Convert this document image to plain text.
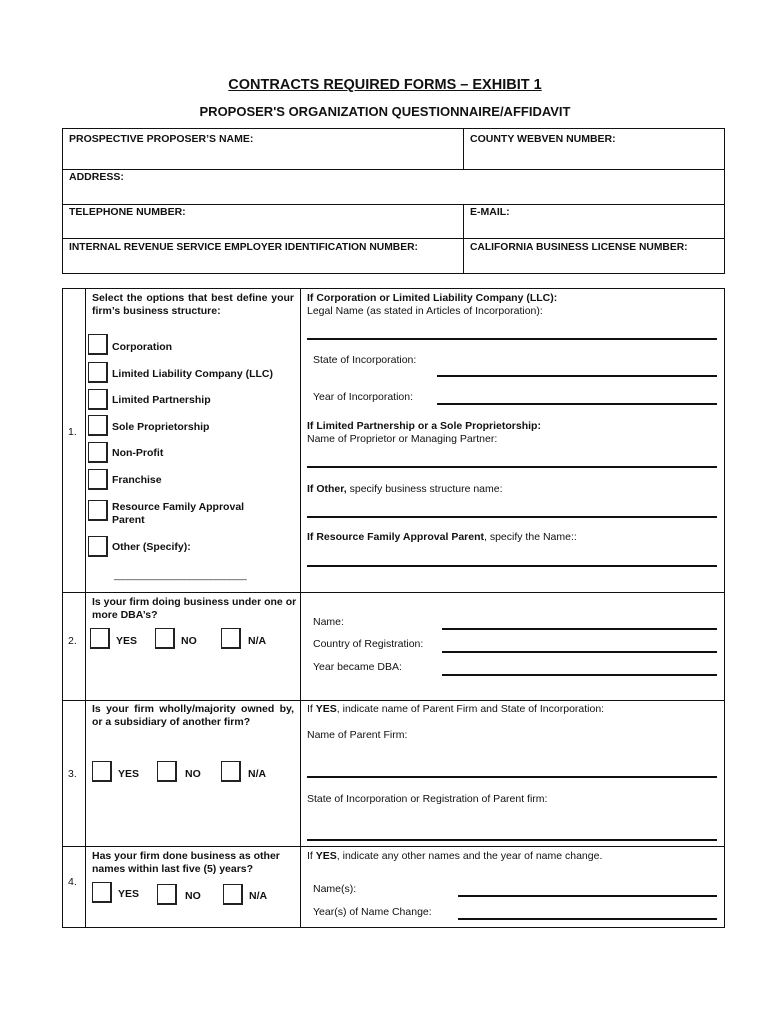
CONTRACTS REQUIRED FORMS – EXHIBIT 1
PROPOSER'S ORGANIZATION QUESTIONNAIRE/AFFIDAVIT
PROSPECTIVE PROPOSER’S NAME:	COUNTY WEBVEN NUMBER:
ADDRESS:
TELEPHONE NUMBER:	E-MAIL:
INTERNAL REVENUE SERVICE EMPLOYER IDENTIFICATION NUMBER:	CALIFORNIA BUSINESS LICENSE NUMBER:
1.
Select the options that best define your firm’s business structure:
Corporation
Limited Liability Company (LLC)
Limited Partnership
Sole Proprietorship
Non-Profit
Franchise
Resource Family Approval Parent
Other (Specify):
______________________________
If Corporation or Limited Liability Company (LLC):
Legal Name (as stated in Articles of Incorporation):
State of Incorporation:
Year of Incorporation:
If Limited Partnership or a Sole Proprietorship:
Name of Proprietor or Managing Partner:
If Other, specify business structure name:
If Resource Family Approval Parent, specify the Name::
2.
Is your firm doing business under one or more DBA’s?
YES	NO	N/A
Name:
Country of Registration:
Year became DBA:
3.
Is your firm wholly/majority owned by, or a subsidiary of another firm?
YES	NO	N/A
If YES, indicate name of Parent Firm and State of Incorporation:
Name of Parent Firm:
State of Incorporation or Registration of Parent firm:
4.
Has your firm done business as other names within last five (5) years?
YES	NO	N/A
If YES, indicate any other names and the year of name change.
Name(s):
Year(s) of Name Change:
